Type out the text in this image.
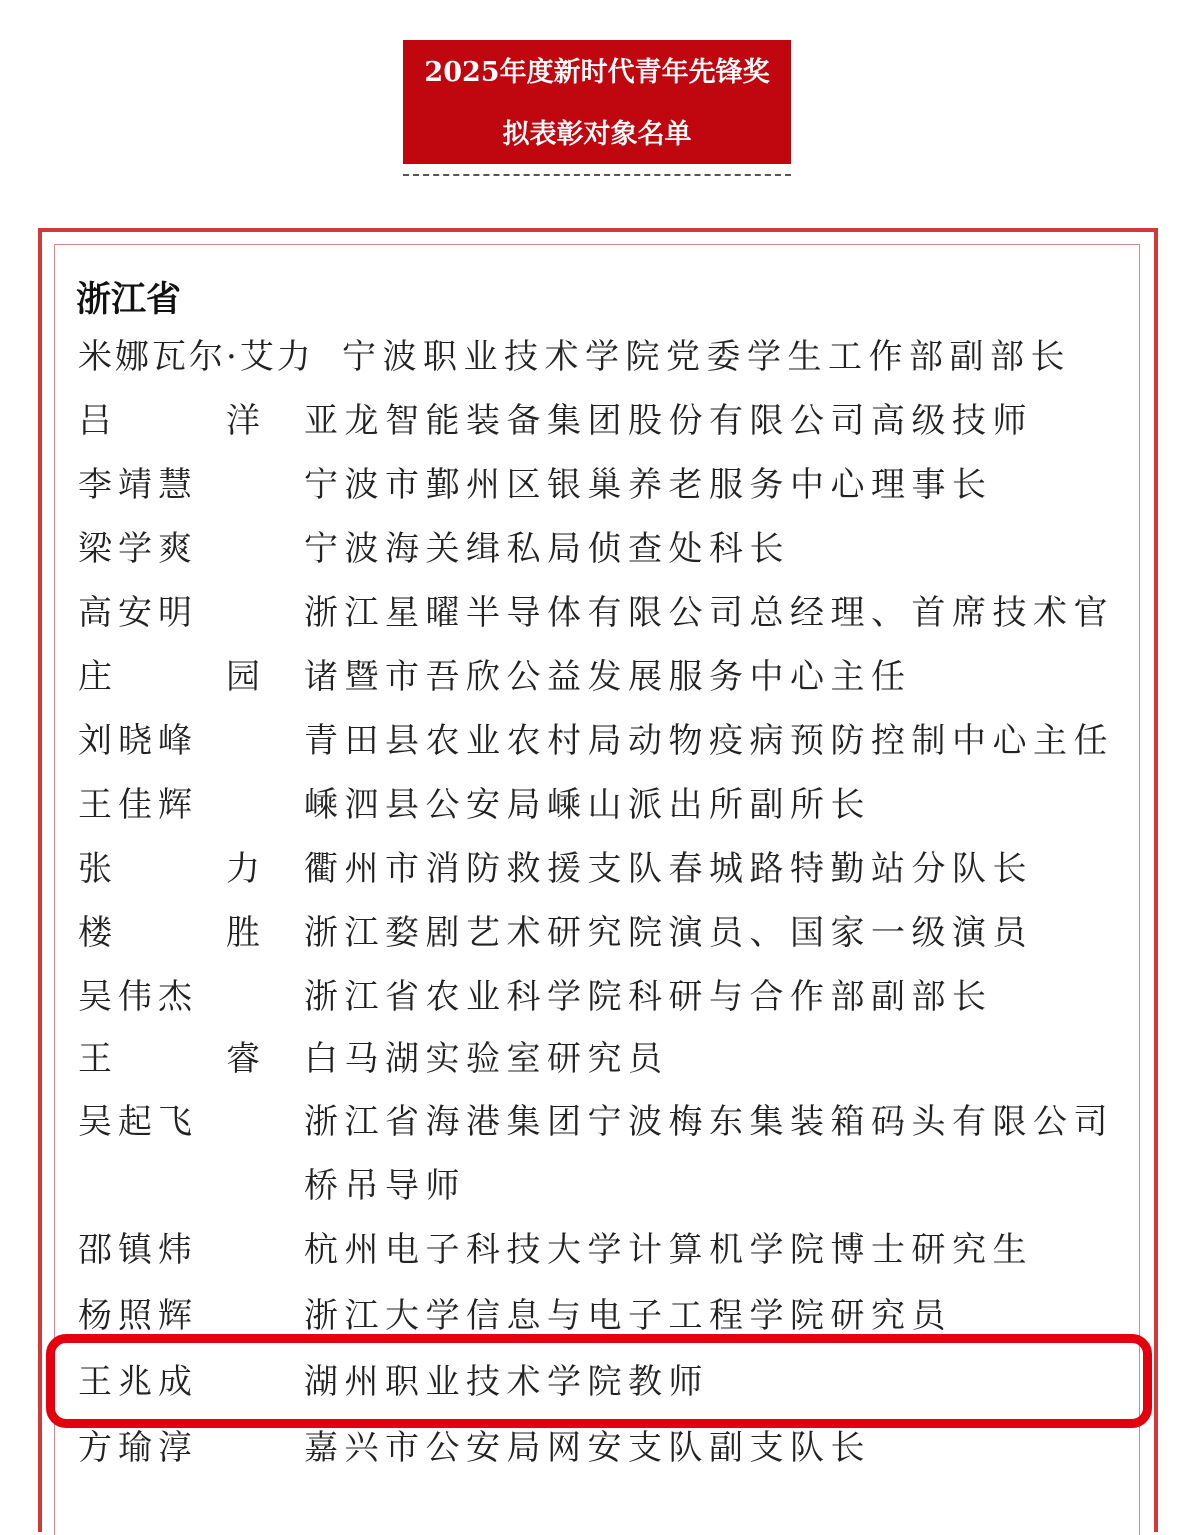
2025年度新时代青年先锋奖
拟表彰对象名单
浙江省
米娜瓦尔·艾力 宁波职业技术学院党委学生工作部副部长
吕　洋 亚龙智能装备集团股份有限公司高级技师
李靖慧	宁波市鄞州区银巢养老服务中心理事长
梁学爽	宁波海关缉私局侦查处科长
高安明	浙江星曜半导体有限公司总经理、首席技术官
庄　园 诸暨市吾欣公益发展服务中心主任
刘晓峰	青田县农业农村局动物疫病预防控制中心主任
王佳辉	嵊泗县公安局嵊山派出所副所长
张　力 衢州市消防救援支队春城路特勤站分队长
楼　胜 浙江婺剧艺术研究院演员、国家一级演员
吴伟杰	浙江省农业科学院科研与合作部副部长
王　睿 白马湖实验室研究员
吴起飞	浙江省海港集团宁波梅东集装箱码头有限公司
桥吊导师
邵镇炜	杭州电子科技大学计算机学院博士研究生
杨照辉	浙江大学信息与电子工程学院研究员
王兆成	湖州职业技术学院教师
方瑜淳	嘉兴市公安局网安支队副支队长
